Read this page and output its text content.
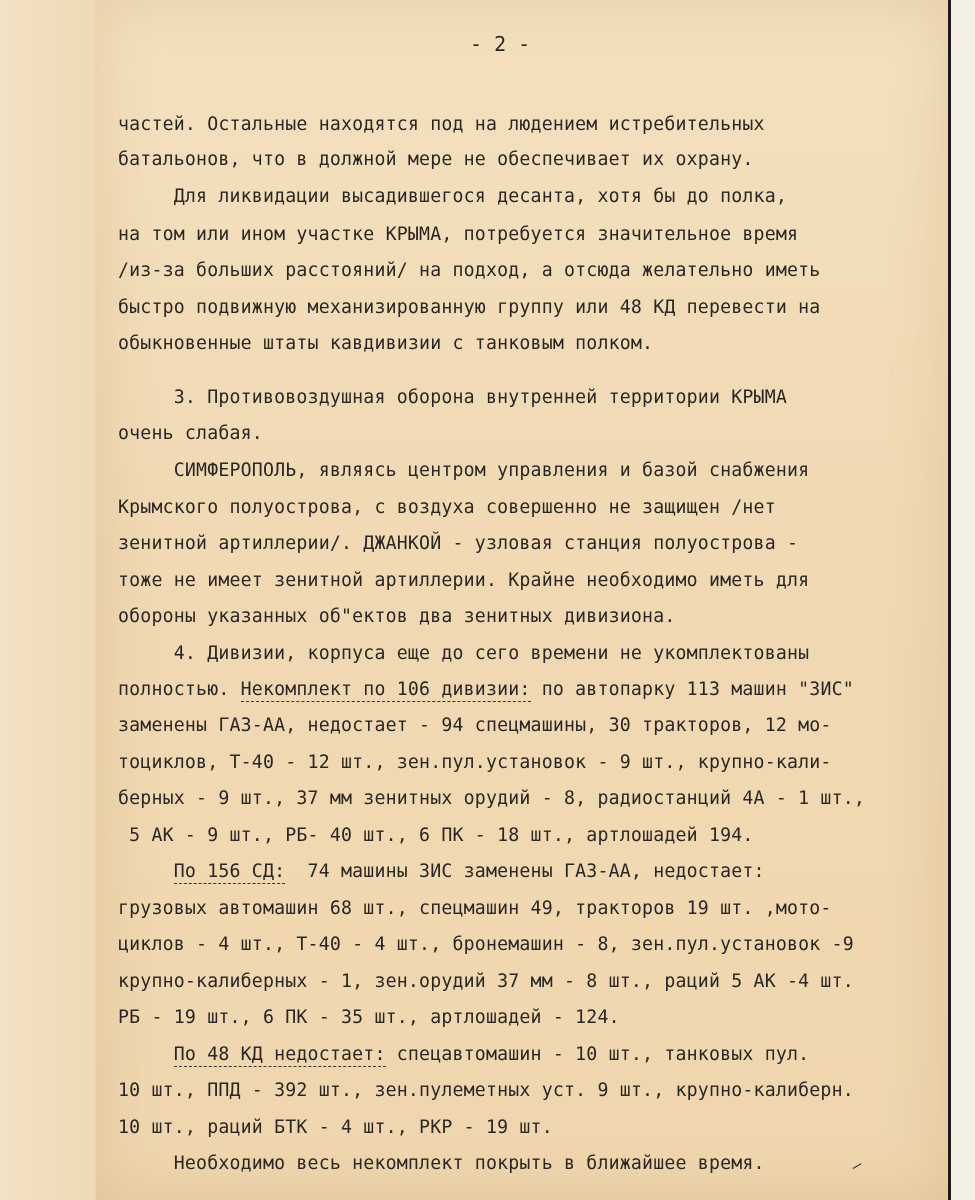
- 2 -
частей. Остальные находятся под на людением истребительных
батальонов, что в должной мере не обеспечивает их охрану.
Для ликвидации высадившегося десанта, хотя бы до полка,
на том или ином участке КРЫМА, потребуется значительное время
/из-за больших расстояний/ на подход, а отсюда желательно иметь
быстро подвижную механизированную группу или 48 КД перевести на
обыкновенные штаты кавдивизии с танковым полком.
3. Противовоздушная оборона внутренней территории КРЫМА
очень слабая.
СИМФЕРОПОЛЬ, являясь центром управления и базой снабжения
Крымского полуострова, с воздуха совершенно не защищен /нет
зенитной артиллерии/. ДЖАНКОЙ - узловая станция полуострова -
тоже не имеет зенитной артиллерии. Крайне необходимо иметь для
обороны указанных об"ектов два зенитных дивизиона.
4. Дивизии, корпуса еще до сего времени не укомплектованы
полностью. Некомплект по 106 дивизии: по автопарку 113 машин "ЗИС"
заменены ГАЗ-АА, недостает - 94 спецмашины, 30 тракторов, 12 мо-
тоциклов, Т-40 - 12 шт., зен.пул.установок - 9 шт., крупно-кали-
берных - 9 шт., 37 мм зенитных орудий - 8, радиостанций 4А - 1 шт.,
5 АК - 9 шт., РБ- 40 шт., 6 ПК - 18 шт., артлошадей 194.
По 156 СД:  74 машины ЗИС заменены ГАЗ-АА, недостает:
грузовых автомашин 68 шт., спецмашин 49, тракторов 19 шт. ,мото-
циклов - 4 шт., Т-40 - 4 шт., бронемашин - 8, зен.пул.установок -9
крупно-калиберных - 1, зен.орудий 37 мм - 8 шт., раций 5 АК -4 шт.
РБ - 19 шт., 6 ПК - 35 шт., артлошадей - 124.
По 48 КД недостает: спецавтомашин - 10 шт., танковых пул.
10 шт., ППД - 392 шт., зен.пулеметных уст. 9 шт., крупно-калиберн.
10 шт., раций БТК - 4 шт., РКР - 19 шт.
Необходимо весь некомплект покрыть в ближайшее время.	⸝
